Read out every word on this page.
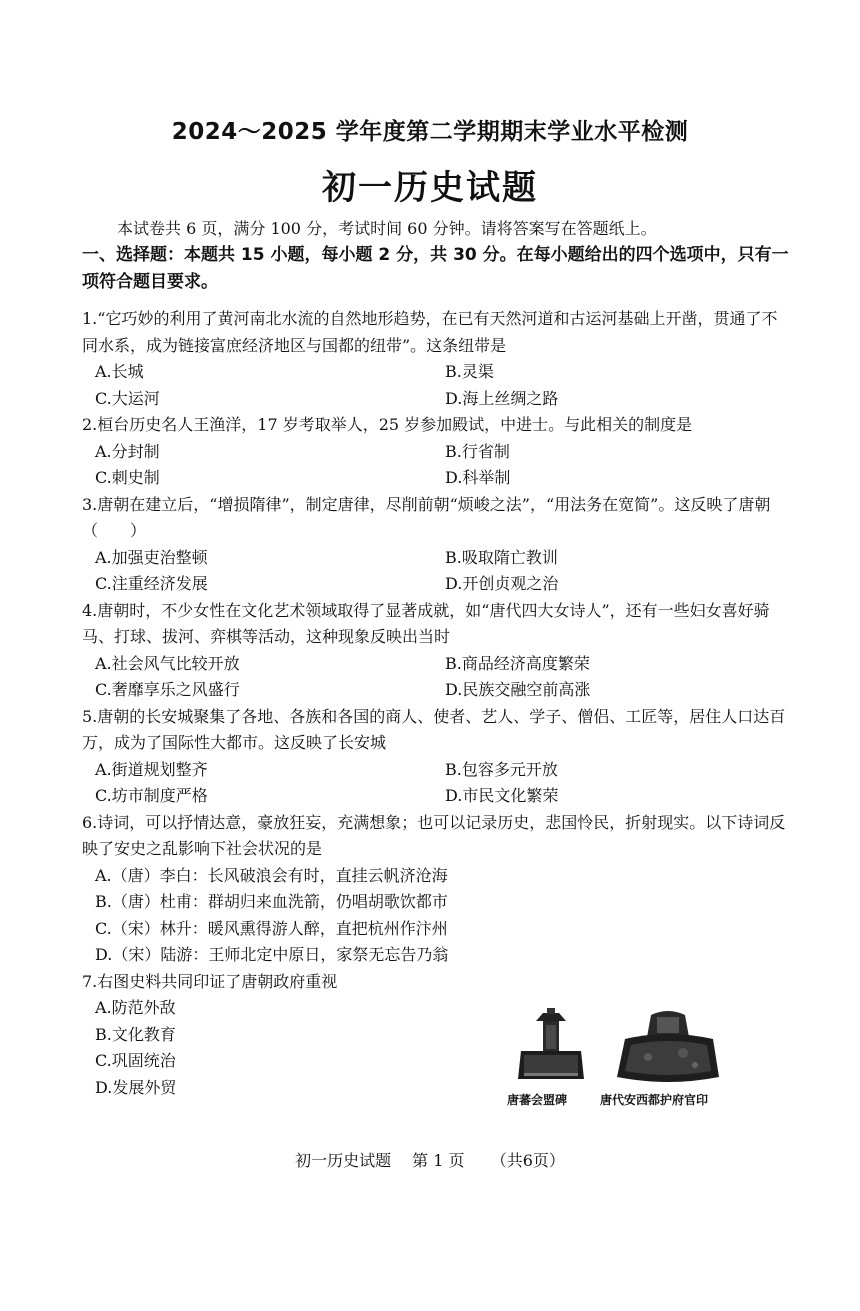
2024～2025 学年度第二学期期末学业水平检测
初一历史试题
本试卷共 6 页，满分 100 分，考试时间 60 分钟。请将答案写在答题纸上。
一、选择题：本题共 15 小题，每小题 2 分，共 30 分。在每小题给出的四个选项中，只有一项符合题目要求。

1.“它巧妙的利用了黄河南北水流的自然地形趋势，在已有天然河道和古运河基础上开凿，贯通了不同水系，成为链接富庶经济地区与国都的纽带”。这条纽带是

A.长城	B.灵渠
C.大运河	D.海上丝绸之路

2.桓台历史名人王渔洋，17 岁考取举人，25 岁参加殿试，中进士。与此相关的制度是

A.分封制	B.行省制
C.刺史制	D.科举制

3.唐朝在建立后，“增损隋律”，制定唐律，尽削前朝“烦峻之法”，“用法务在宽简”。这反映了唐朝（　　）

A.加强吏治整顿	B.吸取隋亡教训
C.注重经济发展	D.开创贞观之治

4.唐朝时，不少女性在文化艺术领域取得了显著成就，如“唐代四大女诗人”，还有一些妇女喜好骑马、打球、拔河、弈棋等活动，这种现象反映出当时

A.社会风气比较开放	B.商品经济高度繁荣
C.奢靡享乐之风盛行	D.民族交融空前高涨

5.唐朝的长安城聚集了各地、各族和各国的商人、使者、艺人、学子、僧侣、工匠等，居住人口达百万，成为了国际性大都市。这反映了长安城

A.街道规划整齐	B.包容多元开放
C.坊市制度严格	D.市民文化繁荣

6.诗词，可以抒情达意，豪放狂妄，充满想象；也可以记录历史，悲国怜民，折射现实。以下诗词反映了安史之乱影响下社会状况的是

A.（唐）李白：长风破浪会有时，直挂云帆济沧海
B.（唐）杜甫：群胡归来血洗箭，仍唱胡歌饮都市
C.（宋）林升：暖风熏得游人醉，直把杭州作汴州
D.（宋）陆游：王师北定中原日，家祭无忘告乃翁

7.右图史料共同印证了唐朝政府重视

A.防范外敌
B.文化教育
C.巩固统治
D.发展外贸
唐蕃会盟碑	唐代安西都护府官印
初一历史试题　 第 1 页　  （共6页）
